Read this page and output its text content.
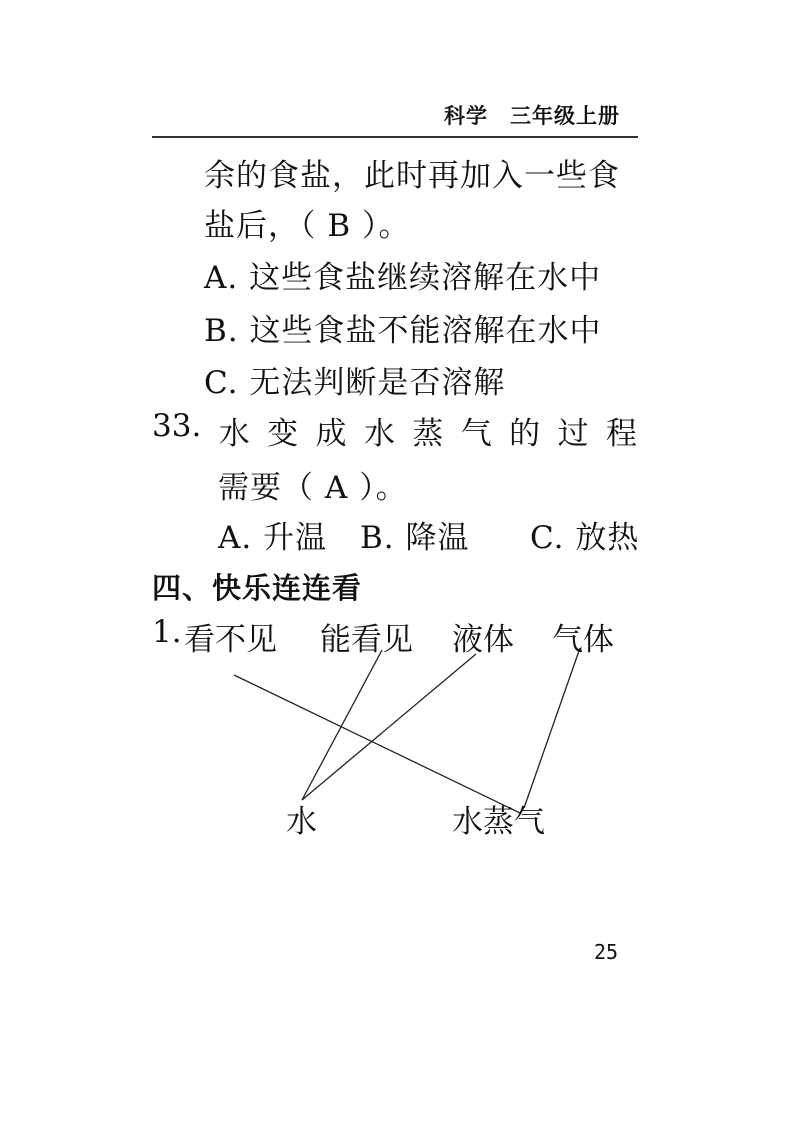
科学　三年级上册
余的食盐，此时再加入一些食
盐后，（ B ）。
A. 这些食盐继续溶解在水中
B. 这些食盐不能溶解在水中
C. 无法判断是否溶解
33. 水 变 成 水 蒸 气 的 过 程
需要（ A ）。
A. 升温 B. 降温 C. 放热
四、快乐连连看
1. 看不见 能看见 液体 气体
水	水蒸气
25
